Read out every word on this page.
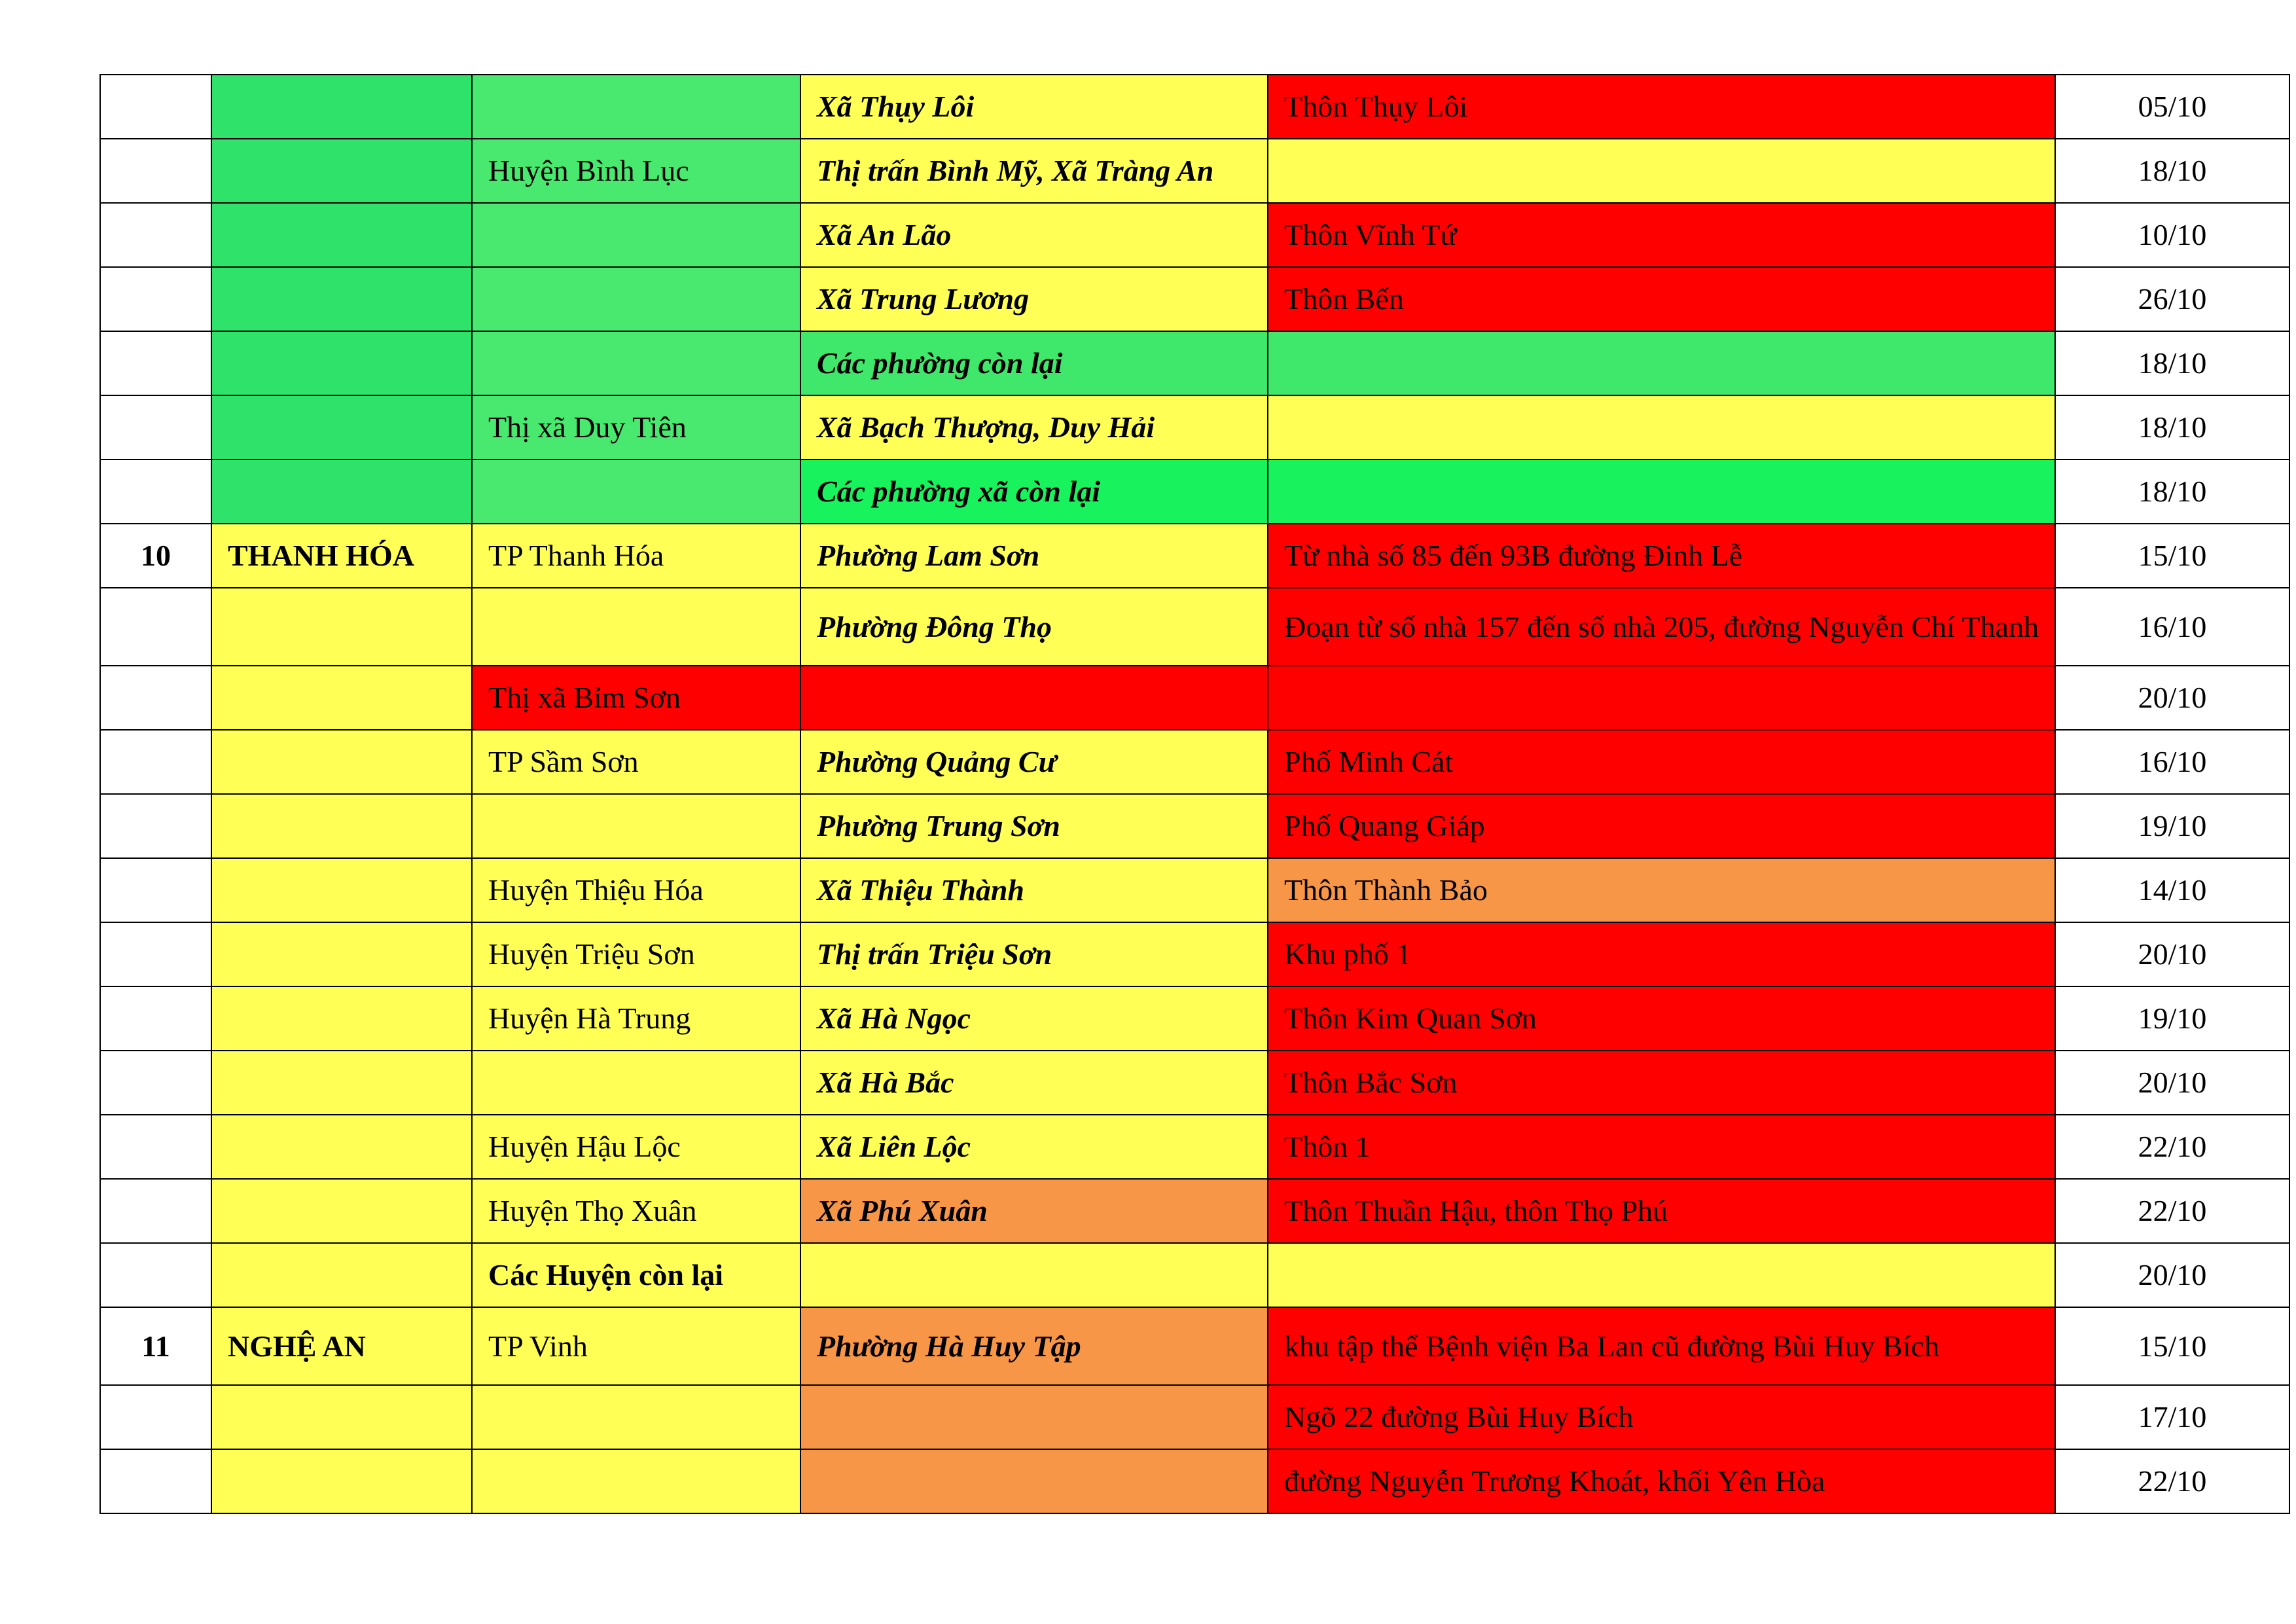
			Xã Thụy Lôi	Thôn Thụy Lôi	05/10
		Huyện Bình Lục	Thị trấn Bình Mỹ, Xã Tràng An		18/10
			Xã An Lão	Thôn Vĩnh Tứ	10/10
			Xã Trung Lương	Thôn Bến	26/10
			Các phường còn lại		18/10
		Thị xã Duy Tiên	Xã Bạch Thượng, Duy Hải		18/10
			Các phường xã còn lại		18/10
10	THANH HÓA	TP Thanh Hóa	Phường Lam Sơn	Từ nhà số 85 đến 93B đường Đinh Lễ	15/10
			Phường Đông Thọ	Đoạn từ số nhà 157 đến số nhà 205, đường Nguyễn Chí Thanh	16/10
		Thị xã Bỉm Sơn			20/10
		TP Sầm Sơn	Phường Quảng Cư	Phố Minh Cát	16/10
			Phường Trung Sơn	Phố Quang Giáp	19/10
		Huyện Thiệu Hóa	Xã Thiệu Thành	Thôn Thành Bảo	14/10
		Huyện Triệu Sơn	Thị trấn Triệu Sơn	Khu phố 1	20/10
		Huyện Hà Trung	Xã Hà Ngọc	Thôn Kim Quan Sơn	19/10
			Xã Hà Bắc	Thôn Bắc Sơn	20/10
		Huyện Hậu Lộc	Xã Liên Lộc	Thôn 1	22/10
		Huyện Thọ Xuân	Xã Phú Xuân	Thôn Thuần Hậu, thôn Thọ Phú	22/10
		Các Huyện còn lại			20/10
11	NGHỆ AN	TP Vinh	Phường Hà Huy Tập	khu tập thể Bệnh viện Ba Lan cũ đường Bùi Huy Bích	15/10
				Ngõ 22 đường Bùi Huy Bích	17/10
				đường Nguyễn Trương Khoát, khối Yên Hòa	22/10
